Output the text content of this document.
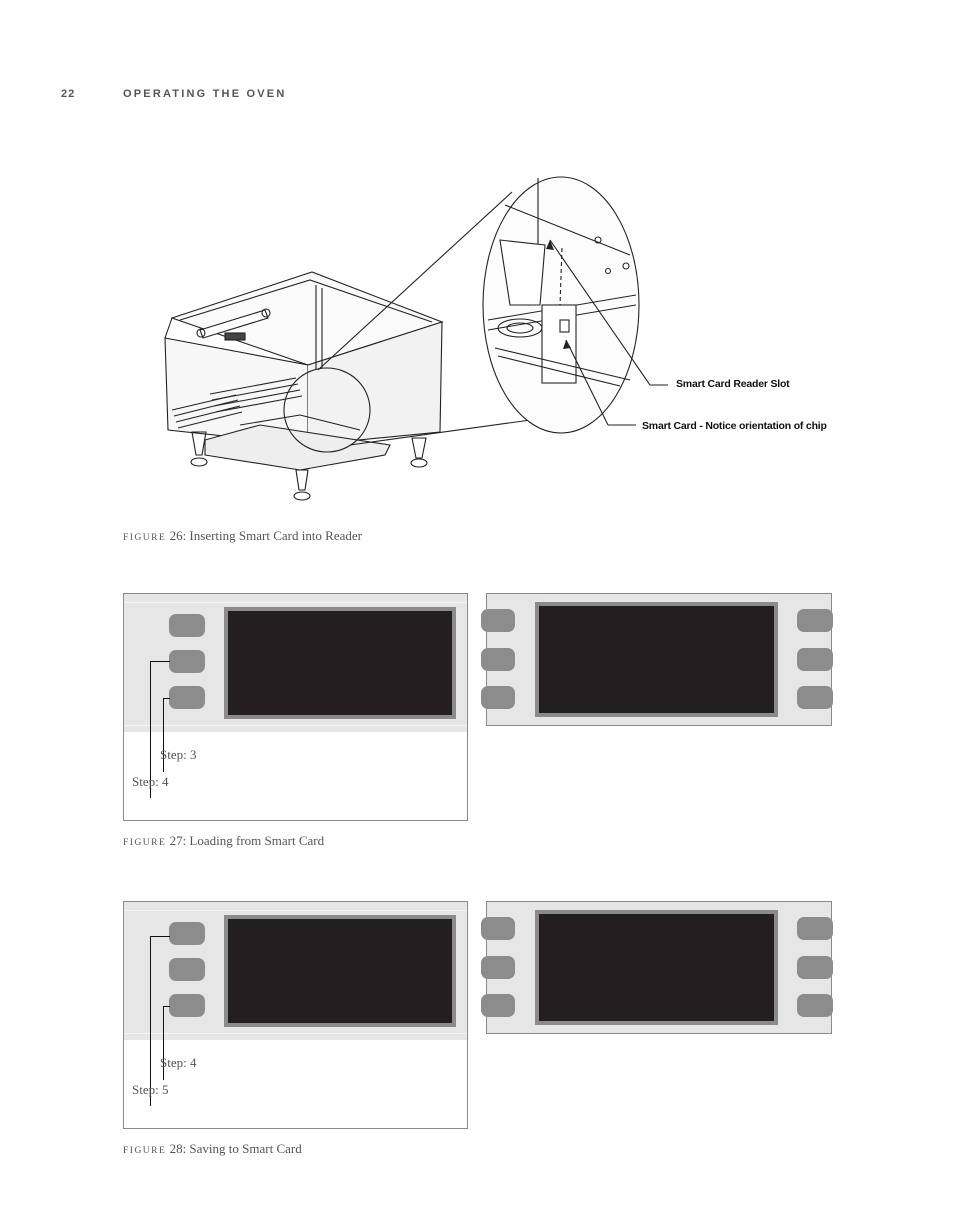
22	OPERATING THE OVEN
Smart Card Reader Slot
Smart Card - Notice orientation of chip
FIGURE 26: Inserting Smart Card into Reader
Step: 3
Step: 4
FIGURE 27: Loading from Smart Card
Step: 4
Step: 5
FIGURE 28: Saving to Smart Card
